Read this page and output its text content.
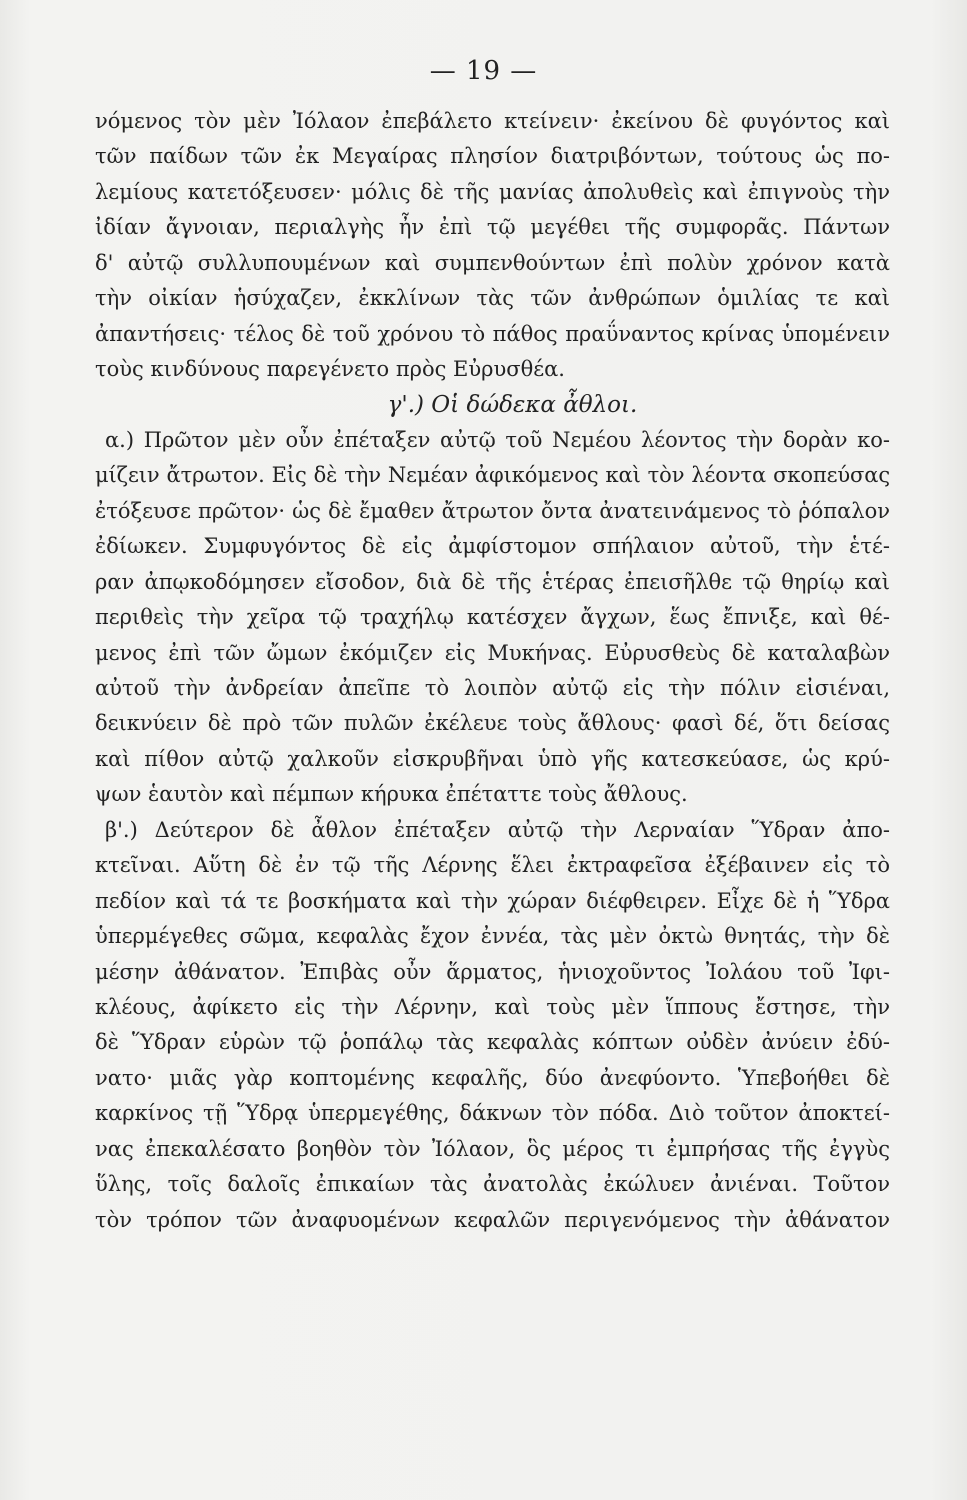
— 19 —
νόμενος τὸν μὲν Ἰόλαον ἐπεβάλετο κτείνειν· ἐκείνου δὲ φυγόντος καὶ
τῶν παίδων τῶν ἐκ Μεγαίρας πλησίον διατριβόντων, τούτους ὡς πο-
λεμίους κατετόξευσεν· μόλις δὲ τῆς μανίας ἀπολυθεὶς καὶ ἐπιγνοὺς τὴν
ἰδίαν ἄγνοιαν, περιαλγὴς ἦν ἐπὶ τῷ μεγέθει τῆς συμφορᾶς. Πάντων
δ' αὐτῷ συλλυπουμένων καὶ συμπενθούντων ἐπὶ πολὺν χρόνον κατὰ
τὴν οἰκίαν ἡσύχαζεν, ἐκκλίνων τὰς τῶν ἀνθρώπων ὁμιλίας τε καὶ
ἀπαντήσεις· τέλος δὲ τοῦ χρόνου τὸ πάθος πραΰναντος κρίνας ὑπομένειν
τοὺς κινδύνους παρεγένετο πρὸς Εὐρυσθέα.
γ'.) Οἱ δώδεκα ἆθλοι.
α.) Πρῶτον μὲν οὖν ἐπέταξεν αὐτῷ τοῦ Νεμέου λέοντος τὴν δορὰν κο-
μίζειν ἄτρωτον. Εἰς δὲ τὴν Νεμέαν ἀφικόμενος καὶ τὸν λέοντα σκοπεύσας
ἐτόξευσε πρῶτον· ὡς δὲ ἔμαθεν ἄτρωτον ὄντα ἀνατεινάμενος τὸ ῥόπαλον
ἐδίωκεν. Συμφυγόντος δὲ εἰς ἀμφίστομον σπήλαιον αὐτοῦ, τὴν ἑτέ-
ραν ἀπῳκοδόμησεν εἴσοδον, διὰ δὲ τῆς ἑτέρας ἐπεισῆλθε τῷ θηρίῳ καὶ
περιθεὶς τὴν χεῖρα τῷ τραχήλῳ κατέσχεν ἄγχων, ἕως ἔπνιξε, καὶ θέ-
μενος ἐπὶ τῶν ὤμων ἐκόμιζεν εἰς Μυκήνας. Εὐρυσθεὺς δὲ καταλαβὼν
αὐτοῦ τὴν ἀνδρείαν ἀπεῖπε τὸ λοιπὸν αὐτῷ εἰς τὴν πόλιν εἰσιέναι,
δεικνύειν δὲ πρὸ τῶν πυλῶν ἐκέλευε τοὺς ἄθλους· φασὶ δέ, ὅτι δείσας
καὶ πίθον αὐτῷ χαλκοῦν εἰσκρυβῆναι ὑπὸ γῆς κατεσκεύασε, ὡς κρύ-
ψων ἑαυτὸν καὶ πέμπων κήρυκα ἐπέταττε τοὺς ἄθλους.
β'.) Δεύτερον δὲ ἆθλον ἐπέταξεν αὐτῷ τὴν Λερναίαν Ὕδραν ἀπο-
κτεῖναι. Αὕτη δὲ ἐν τῷ τῆς Λέρνης ἕλει ἐκτραφεῖσα ἐξέβαινεν εἰς τὸ
πεδίον καὶ τά τε βοσκήματα καὶ τὴν χώραν διέφθειρεν. Εἶχε δὲ ἡ Ὕδρα
ὑπερμέγεθες σῶμα, κεφαλὰς ἔχον ἐννέα, τὰς μὲν ὀκτὼ θνητάς, τὴν δὲ
μέσην ἀθάνατον. Ἐπιβὰς οὖν ἅρματος, ἡνιοχοῦντος Ἰολάου τοῦ Ἰφι-
κλέους, ἀφίκετο εἰς τὴν Λέρνην, καὶ τοὺς μὲν ἵππους ἔστησε, τὴν
δὲ Ὕδραν εὑρὼν τῷ ῥοπάλῳ τὰς κεφαλὰς κόπτων οὐδὲν ἀνύειν ἐδύ-
νατο· μιᾶς γὰρ κοπτομένης κεφαλῆς, δύο ἀνεφύοντο. Ὑπεβοήθει δὲ
καρκίνος τῇ Ὕδρᾳ ὑπερμεγέθης, δάκνων τὸν πόδα. Διὸ τοῦτον ἀποκτεί-
νας ἐπεκαλέσατο βοηθὸν τὸν Ἰόλαον, ὃς μέρος τι ἐμπρήσας τῆς ἐγγὺς
ὕλης, τοῖς δαλοῖς ἐπικαίων τὰς ἀνατολὰς ἐκώλυεν ἀνιέναι. Τοῦτον
τὸν τρόπον τῶν ἀναφυομένων κεφαλῶν περιγενόμενος τὴν ἀθάνατον
